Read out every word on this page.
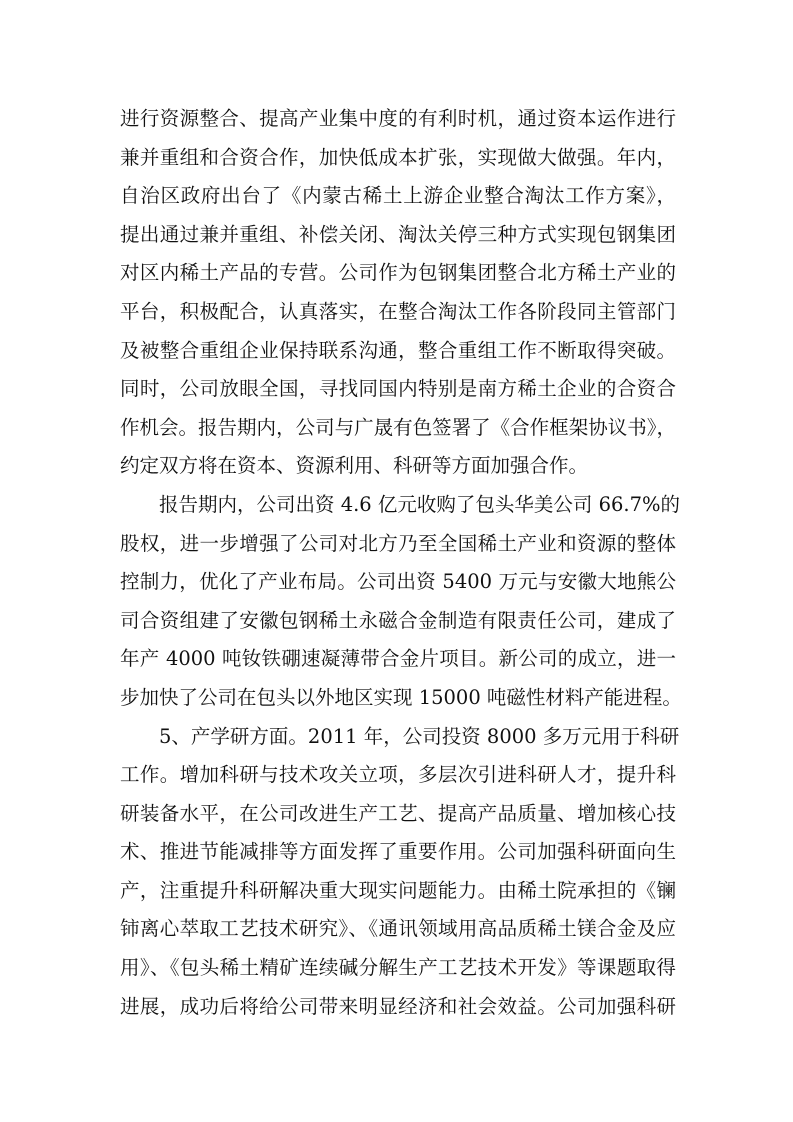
进行资源整合、提高产业集中度的有利时机，通过资本运作进行
兼并重组和合资合作，加快低成本扩张，实现做大做强。年内，
自治区政府出台了《内蒙古稀土上游企业整合淘汰工作方案》，
提出通过兼并重组、补偿关闭、淘汰关停三种方式实现包钢集团
对区内稀土产品的专营。公司作为包钢集团整合北方稀土产业的
平台，积极配合，认真落实，在整合淘汰工作各阶段同主管部门
及被整合重组企业保持联系沟通，整合重组工作不断取得突破。
同时，公司放眼全国，寻找同国内特别是南方稀土企业的合资合
作机会。报告期内，公司与广晟有色签署了《合作框架协议书》，
约定双方将在资本、资源利用、科研等方面加强合作。
报告期内，公司出资 4.6 亿元收购了包头华美公司 66.7%的
股权，进一步增强了公司对北方乃至全国稀土产业和资源的整体
控制力，优化了产业布局。公司出资 5400 万元与安徽大地熊公
司合资组建了安徽包钢稀土永磁合金制造有限责任公司，建成了
年产 4000 吨钕铁硼速凝薄带合金片项目。新公司的成立，进一
步加快了公司在包头以外地区实现 15000 吨磁性材料产能进程。
5、产学研方面。2011 年，公司投资 8000 多万元用于科研
工作。增加科研与技术攻关立项，多层次引进科研人才，提升科
研装备水平，在公司改进生产工艺、提高产品质量、增加核心技
术、推进节能减排等方面发挥了重要作用。公司加强科研面向生
产，注重提升科研解决重大现实问题能力。由稀土院承担的《镧
铈离心萃取工艺技术研究》、《通讯领域用高品质稀土镁合金及应
用》、《包头稀土精矿连续碱分解生产工艺技术开发》等课题取得
进展，成功后将给公司带来明显经济和社会效益。公司加强科研
